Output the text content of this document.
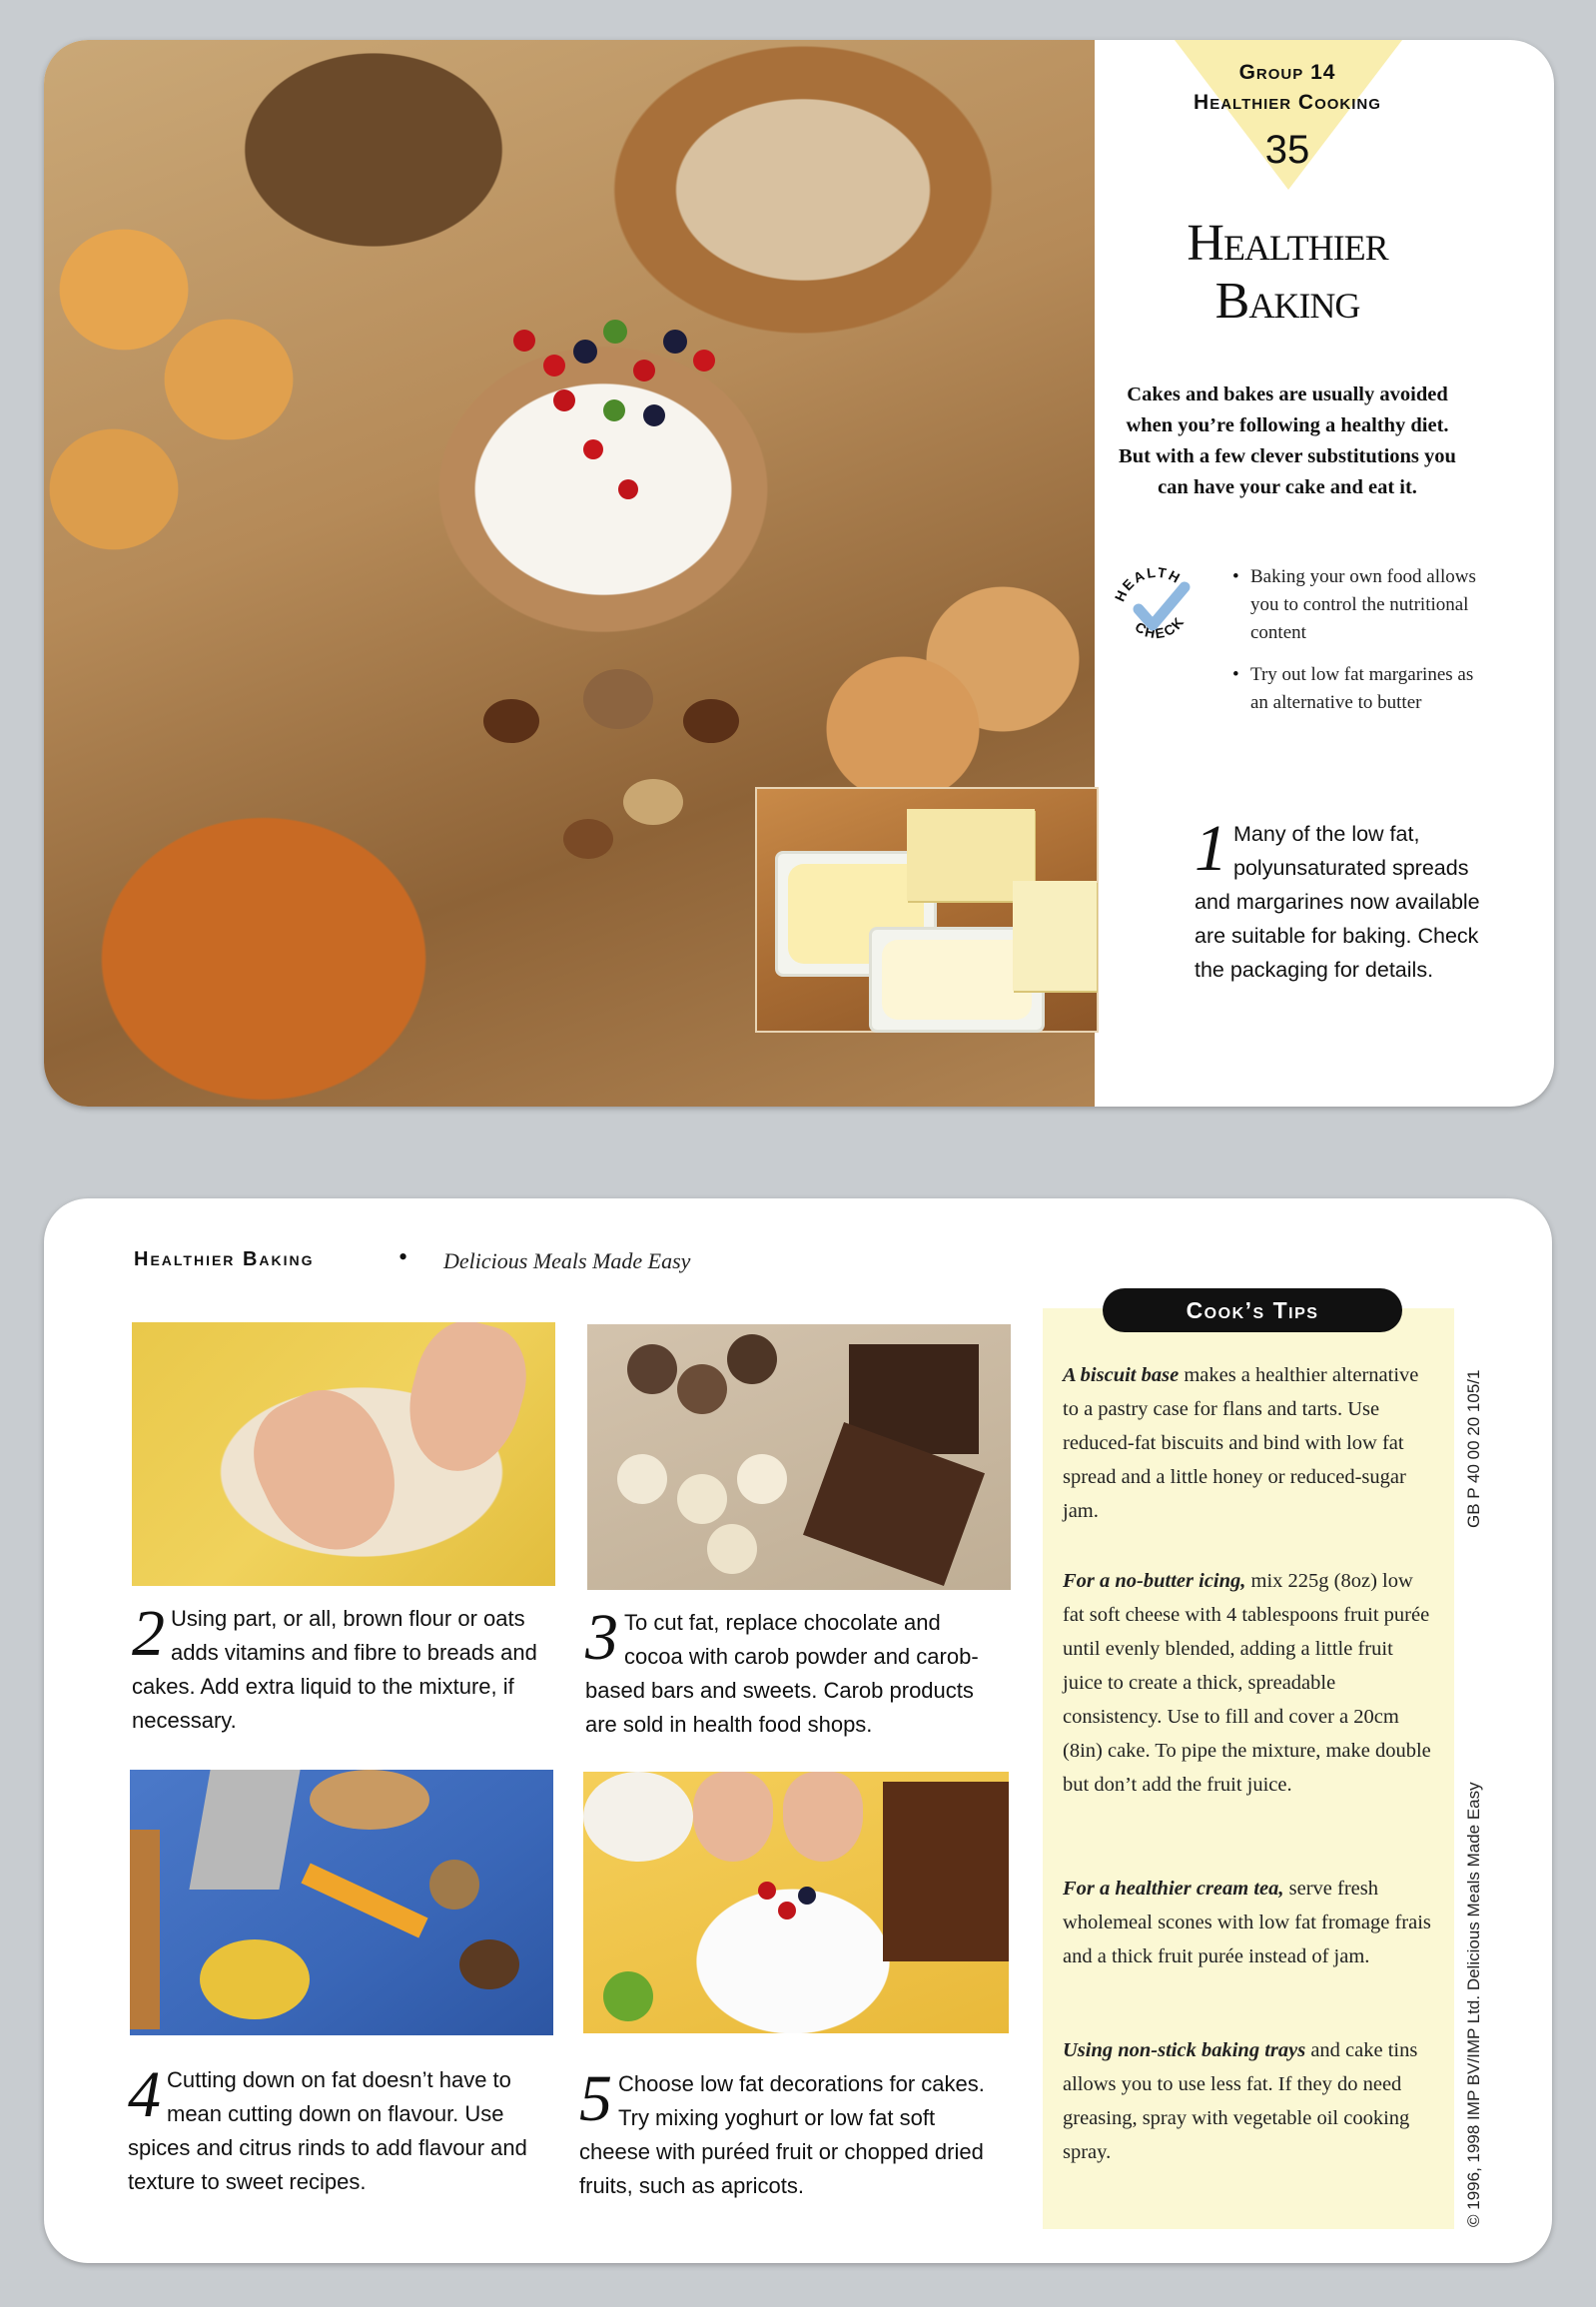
Group 14
Healthier Cooking
35
Healthier
Baking
Cakes and bakes are usually avoided when you’re following a healthy diet. But with a few clever substitutions you can have your cake and eat it.
HEALTH
CHECK
• Baking your own food allows you to control the nutritional content
• Try out low fat margarines as an alternative to butter
1 Many of the low fat, polyunsaturated spreads and margarines now available are suitable for baking. Check the packaging for details.
Healthier Baking	• Delicious Meals Made Easy
2 Using part, or all, brown flour or oats adds vitamins and fibre to breads and cakes. Add extra liquid to the mixture, if necessary.
3 To cut fat, replace chocolate and cocoa with carob powder and carob-based bars and sweets. Carob products are sold in health food shops.
4 Cutting down on fat doesn’t have to mean cutting down on flavour. Use spices and citrus rinds to add flavour and texture to sweet recipes.
5 Choose low fat decorations for cakes. Try mixing yoghurt or low fat soft cheese with puréed fruit or chopped dried fruits, such as apricots.
Cook’s Tips
A biscuit base makes a healthier alternative to a pastry case for flans and tarts. Use reduced-fat biscuits and bind with low fat spread and a little honey or reduced-sugar jam.
For a no-butter icing, mix 225g (8oz) low fat soft cheese with 4 tablespoons fruit purée until evenly blended, adding a little fruit juice to create a thick, spreadable consistency. Use to fill and cover a 20cm (8in) cake. To pipe the mixture, make double but don’t add the fruit juice.
For a healthier cream tea, serve fresh wholemeal scones with low fat fromage frais and a thick fruit purée instead of jam.
Using non-stick baking trays and cake tins allows you to use less fat. If they do need greasing, spray with vegetable oil cooking spray.
GB P 40 00 20 105/1
© 1996, 1998 IMP BV/IMP Ltd. Delicious Meals Made Easy
